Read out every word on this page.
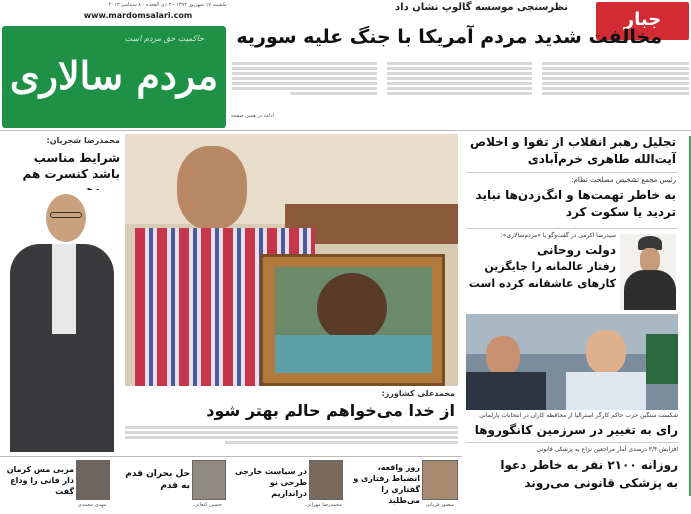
یکشنبه ۱۷ شهریور ۱۳۹۲ - ۲ ذی القعده - ۸ سپتامبر ۲۰۱۳
www.mardomsalari.com
حاکمیت حق مردم است
مردم سالاری
نظرسنجی موسسه گالوپ نشان داد
جبار
مخالفت شدید مردم آمریکا با جنگ علیه سوریه
ادامه در همین صفحه
محمدرضا شجریان:
شرایط مناسب باشد کنسرت هم
محمدعلی کشاورز:
از خدا می‌خواهم حالم بهتر شود
تجلیل رهبر انقلاب از تقوا و اخلاص آیت‌الله طاهری خرم‌آبادی
رئیس مجمع تشخیص مصلحت نظام:
به خاطر تهمت‌ها و انگ‌زدن‌ها نباید تردید یا سکوت کرد
سیدرضا اکرمی در گفت‌وگو با «مردم‌سالاری»:
دولت روحانی
رفتار عالمانه را جایگزین
کارهای عاشقانه کرده است
شکست سنگین حزب حاکم کارگر استرالیا از محافظه کاران در انتخابات پارلمانی
رای به تغییر در سرزمین کانگوروها
افزایش ۳/۴ درصدی آمار مراجعین نزاع به پزشکی قانونی
روزانه ۲۱۰۰ نفر به خاطر دعوا
به پزشکی قانونی می‌روند
روز واقعه، انضباط رفتاری و گفتاری را می‌طلبد	منصور قربانی
در سیاست خارجی طرحی نو دراندازیم
محمدرضا مهرابی
حل بحران قدم به قدم
حسین کنعانی
مربی مس کرمان دار فانی را وداع گفت
مهدی محمدی
